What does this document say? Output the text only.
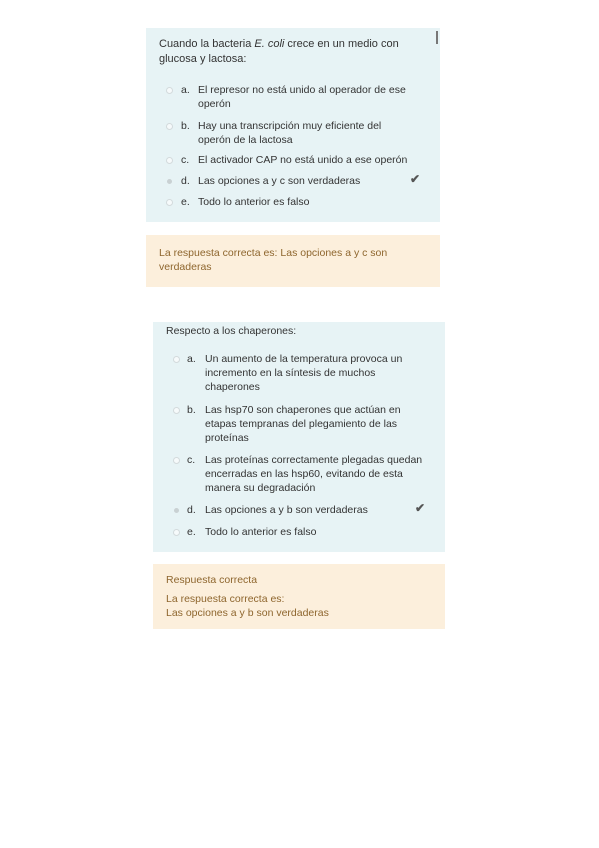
Cuando la bacteria E. coli crece en un medio con glucosa y lactosa:
a. El represor no está unido al operador de ese operón
b. Hay una transcripción muy eficiente del operón de la lactosa
c. El activador CAP no está unido a ese operón
d. Las opciones a y c son verdaderas	✔
e. Todo lo anterior es falso
La respuesta correcta es: Las opciones a y c son verdaderas
Respecto a los chaperones:
a. Un aumento de la temperatura provoca un incremento en la síntesis de muchos chaperones
b. Las hsp70 son chaperones que actúan en etapas tempranas del plegamiento de las proteínas
c. Las proteínas correctamente plegadas quedan encerradas en las hsp60, evitando de esta manera su degradación
d. Las opciones a y b son verdaderas	✔
e. Todo lo anterior es falso
Respuesta correcta
La respuesta correcta es:
Las opciones a y b son verdaderas
